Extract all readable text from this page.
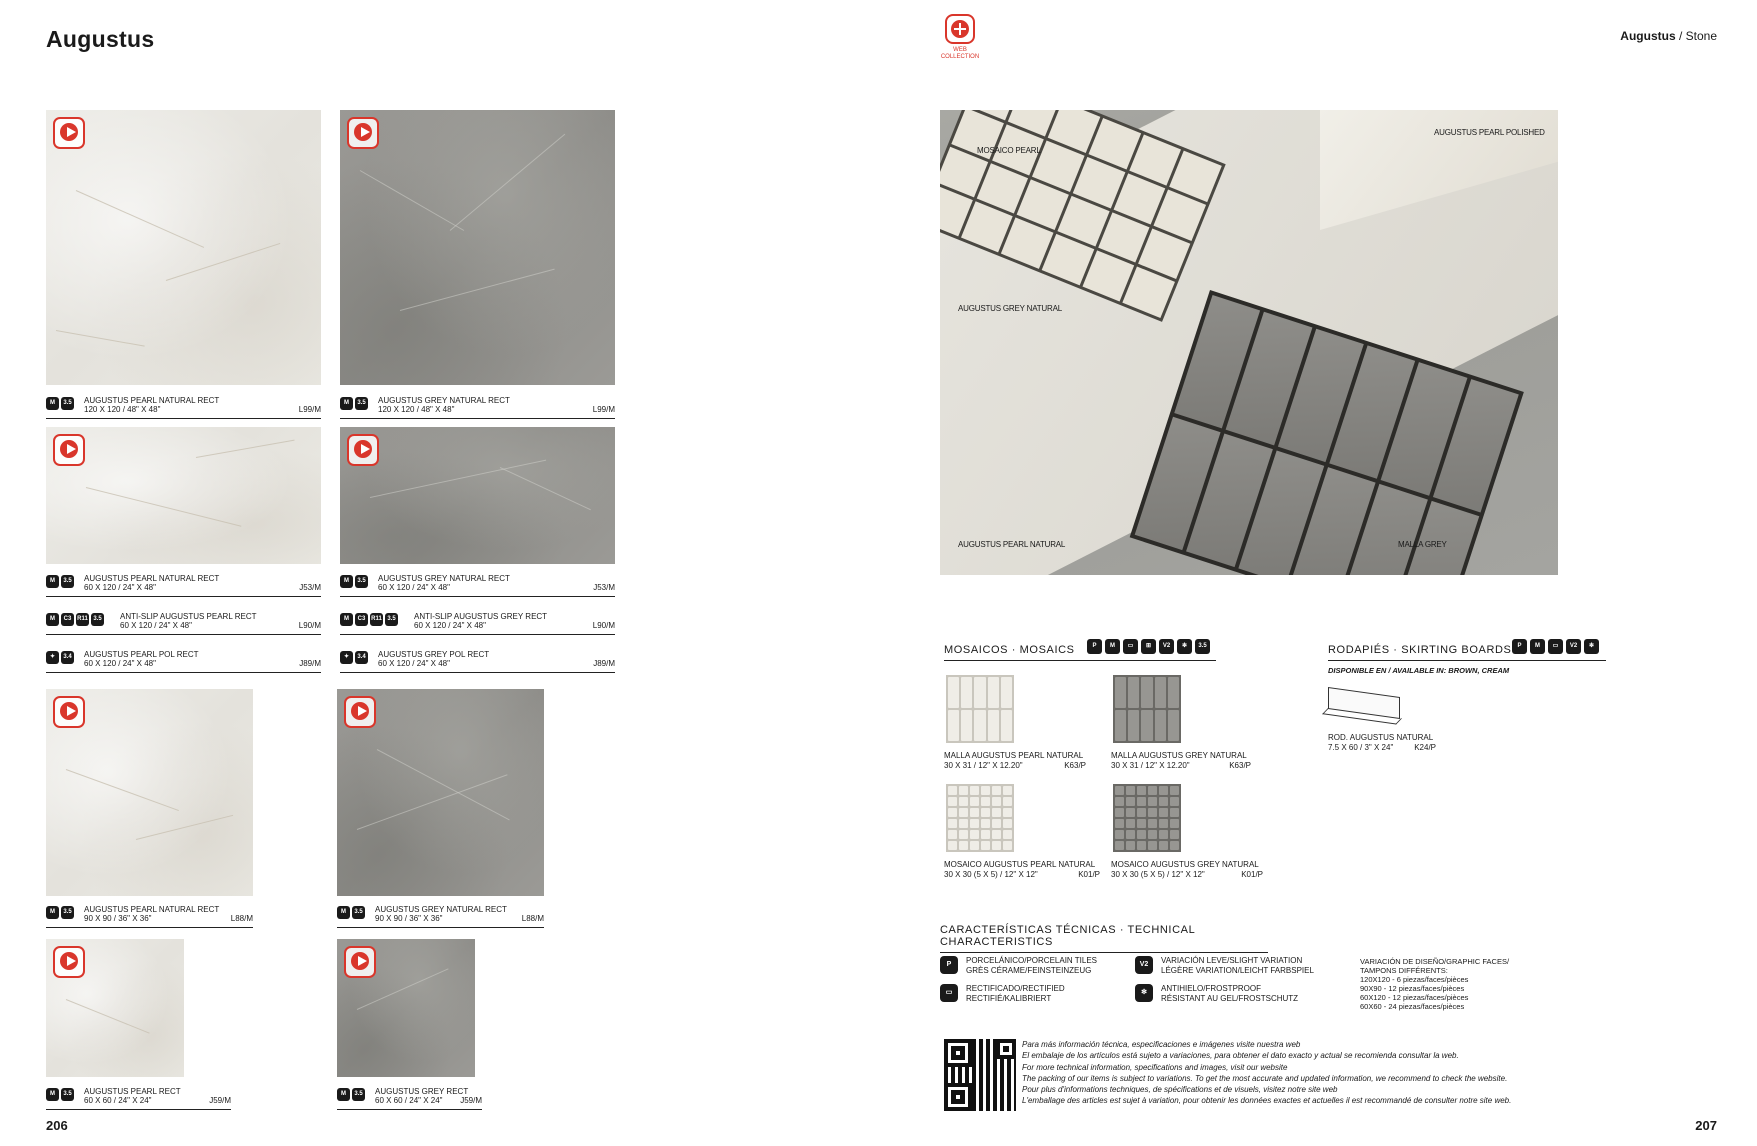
Augustus
M	3.5 AUGUSTUS PEARL NATURAL RECT
120 X 120 / 48" X 48"	L99/M
M	3.5 AUGUSTUS GREY NATURAL RECT
120 X 120 / 48" X 48"	L99/M
M	3.5 AUGUSTUS PEARL NATURAL RECT
60 X 120 / 24" X 48"	J53/M
M	3.5 AUGUSTUS GREY NATURAL RECT
60 X 120 / 24" X 48"	J53/M
M	C3 R11 3.5 ANTI-SLIP AUGUSTUS PEARL RECT
60 X 120 / 24" X 48"	L90/M
M	C3 R11 3.5 ANTI-SLIP AUGUSTUS GREY RECT
60 X 120 / 24" X 48"	L90/M
✦	3.4 AUGUSTUS PEARL POL RECT
60 X 120 / 24" X 48"	J89/M
✦	3.4 AUGUSTUS GREY POL RECT
60 X 120 / 24" X 48"	J89/M
M	3.5 AUGUSTUS PEARL NATURAL RECT
90 X 90 / 36" X 36"	L88/M
M	3.5 AUGUSTUS GREY NATURAL RECT
90 X 90 / 36" X 36"	L88/M
M	3.5 AUGUSTUS PEARL RECT
60 X 60 / 24" X 24"	J59/M
M	3.5 AUGUSTUS GREY RECT
60 X 60 / 24" X 24"	J59/M
206
WEB COLLECTION
Augustus / Stone
MOSAICO PEARL
AUGUSTUS PEARL POLISHED
AUGUSTUS GREY NATURAL
AUGUSTUS PEARL NATURAL	MALLA GREY
MOSAICOS · MOSAICS	P	M	▭	⊞	V2	✻	3.5
MALLA AUGUSTUS PEARL NATURAL
30 X 31 / 12" X 12.20"	K63/P
MALLA AUGUSTUS GREY NATURAL
30 X 31 / 12" X 12.20"	K63/P
MOSAICO AUGUSTUS PEARL NATURAL
30 X 30 (5 X 5) / 12" X 12"	K01/P
MOSAICO AUGUSTUS GREY NATURAL
30 X 30 (5 X 5) / 12" X 12"	K01/P
RODAPIÉS · SKIRTING BOARDS	P	M	▭	V2	✻
DISPONIBLE EN / AVAILABLE IN: BROWN, CREAM
ROD. AUGUSTUS NATURAL
7.5 X 60 / 3" X 24"	K24/P
CARACTERÍSTICAS TÉCNICAS · TECHNICAL CHARACTERISTICS
P	PORCELÁNICO/PORCELAIN TILES
GRÈS CÉRAME/FEINSTEINZEUG
▭	RECTIFICADO/RECTIFIED
RECTIFIÉ/KALIBRIERT
V2	VARIACIÓN LEVE/SLIGHT VARIATION
LÉGÈRE VARIATION/LEICHT FARBSPIEL
✻	ANTIHIELO/FROSTPROOF
RÉSISTANT AU GEL/FROSTSCHUTZ
VARIACIÓN DE DISEÑO/GRAPHIC FACES/
TAMPONS DIFFÉRENTS:
120X120 - 6 piezas/faces/pièces
90X90 - 12 piezas/faces/pièces
60X120 - 12 piezas/faces/pièces
60X60 - 24 piezas/faces/pièces
Para más información técnica, especificaciones e imágenes visite nuestra web
El embalaje de los artículos está sujeto a variaciones, para obtener el dato exacto y actual se recomienda consultar la web.
For more technical information, specifications and images, visit our website
The packing of our items is subject to variations. To get the most accurate and updated information, we recommend to check the website.
Pour plus d'informations techniques, de spécifications et de visuels, visitez notre site web
L'emballage des articles est sujet à variation, pour obtenir les données exactes et actuelles il est recommandé de consulter notre site web.
207
